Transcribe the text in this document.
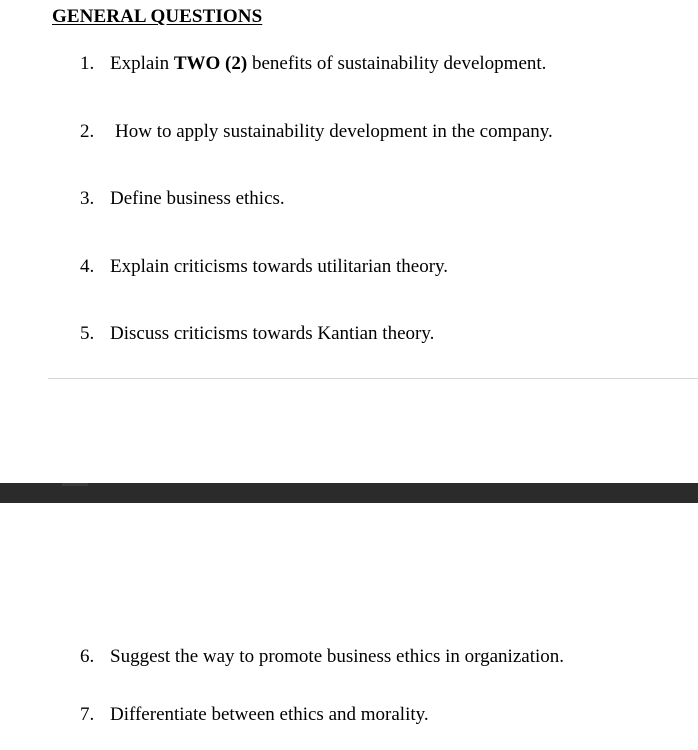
GENERAL QUESTIONS
1. Explain TWO (2) benefits of sustainability development.
2. How to apply sustainability development in the company.
3. Define business ethics.
4. Explain criticisms towards utilitarian theory.
5. Discuss criticisms towards Kantian theory.
6. Suggest the way to promote business ethics in organization.
7. Differentiate between ethics and morality.
